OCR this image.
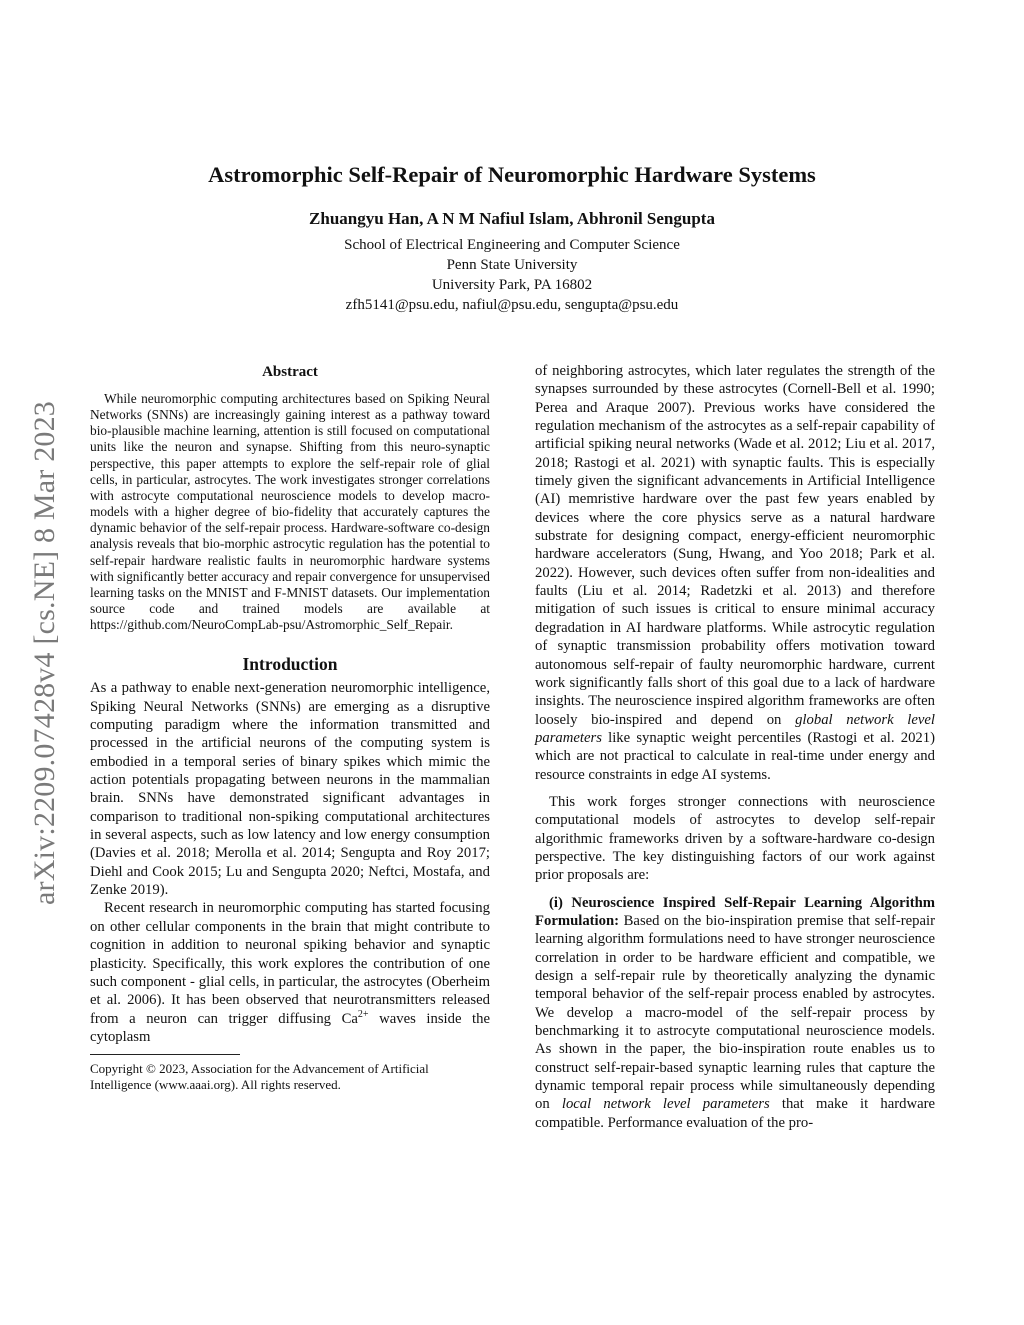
arXiv:2209.07428v4 [cs.NE] 8 Mar 2023
Astromorphic Self-Repair of Neuromorphic Hardware Systems
Zhuangyu Han, A N M Nafiul Islam, Abhronil Sengupta
School of Electrical Engineering and Computer Science
Penn State University
University Park, PA 16802
zfh5141@psu.edu, nafiul@psu.edu, sengupta@psu.edu
Abstract

While neuromorphic computing architectures based on Spiking Neural Networks (SNNs) are increasingly gaining interest as a pathway toward bio-plausible machine learning, attention is still focused on computational units like the neuron and synapse. Shifting from this neuro-synaptic perspective, this paper attempts to explore the self-repair role of glial cells, in particular, astrocytes. The work investigates stronger correlations with astrocyte computational neuroscience models to develop macro-models with a higher degree of bio-fidelity that accurately captures the dynamic behavior of the self-repair process. Hardware-software co-design analysis reveals that bio-morphic astrocytic regulation has the potential to self-repair hardware realistic faults in neuromorphic hardware systems with significantly better accuracy and repair convergence for unsupervised learning tasks on the MNIST and F-MNIST datasets. Our implementation source code and trained models are available at https://github.com/NeuroCompLab-psu/Astromorphic_Self_Repair.

Introduction

As a pathway to enable next-generation neuromorphic intelligence, Spiking Neural Networks (SNNs) are emerging as a disruptive computing paradigm where the information transmitted and processed in the artificial neurons of the computing system is embodied in a temporal series of binary spikes which mimic the action potentials propagating between neurons in the mammalian brain. SNNs have demonstrated significant advantages in comparison to traditional non-spiking computational architectures in several aspects, such as low latency and low energy consumption (Davies et al. 2018; Merolla et al. 2014; Sengupta and Roy 2017; Diehl and Cook 2015; Lu and Sengupta 2020; Neftci, Mostafa, and Zenke 2019).

Recent research in neuromorphic computing has started focusing on other cellular components in the brain that might contribute to cognition in addition to neuronal spiking behavior and synaptic plasticity. Specifically, this work explores the contribution of one such component - glial cells, in particular, the astrocytes (Oberheim et al. 2006). It has been observed that neurotransmitters released from a neuron can trigger diffusing $Ca^{2+}$ waves inside the cytoplasm

Copyright © 2023, Association for the Advancement of Artificial Intelligence (www.aaai.org). All rights reserved.

of neighboring astrocytes, which later regulates the strength of the synapses surrounded by these astrocytes (Cornell-Bell et al. 1990; Perea and Araque 2007). Previous works have considered the regulation mechanism of the astrocytes as a self-repair capability of artificial spiking neural networks (Wade et al. 2012; Liu et al. 2017, 2018; Rastogi et al. 2021) with synaptic faults. This is especially timely given the significant advancements in Artificial Intelligence (AI) memristive hardware over the past few years enabled by devices where the core physics serve as a natural hardware substrate for designing compact, energy-efficient neuromorphic hardware accelerators (Sung, Hwang, and Yoo 2018; Park et al. 2022). However, such devices often suffer from non-idealities and faults (Liu et al. 2014; Radetzki et al. 2013) and therefore mitigation of such issues is critical to ensure minimal accuracy degradation in AI hardware platforms. While astrocytic regulation of synaptic transmission probability offers motivation toward autonomous self-repair of faulty neuromorphic hardware, current work significantly falls short of this goal due to a lack of hardware insights. The neuroscience inspired algorithm frameworks are often loosely bio-inspired and depend on global network level parameters like synaptic weight percentiles (Rastogi et al. 2021) which are not practical to calculate in real-time under energy and resource constraints in edge AI systems.

This work forges stronger connections with neuroscience computational models of astrocytes to develop self-repair algorithmic frameworks driven by a software-hardware co-design perspective. The key distinguishing factors of our work against prior proposals are:

(i) Neuroscience Inspired Self-Repair Learning Algorithm Formulation: Based on the bio-inspiration premise that self-repair learning algorithm formulations need to have stronger neuroscience correlation in order to be hardware efficient and compatible, we design a self-repair rule by theoretically analyzing the dynamic temporal behavior of the self-repair process enabled by astrocytes. We develop a macro-model of the self-repair process by benchmarking it to astrocyte computational neuroscience models. As shown in the paper, the bio-inspiration route enables us to construct self-repair-based synaptic learning rules that capture the dynamic temporal repair process while simultaneously depending on local network level parameters that make it hardware compatible. Performance evaluation of the pro-
